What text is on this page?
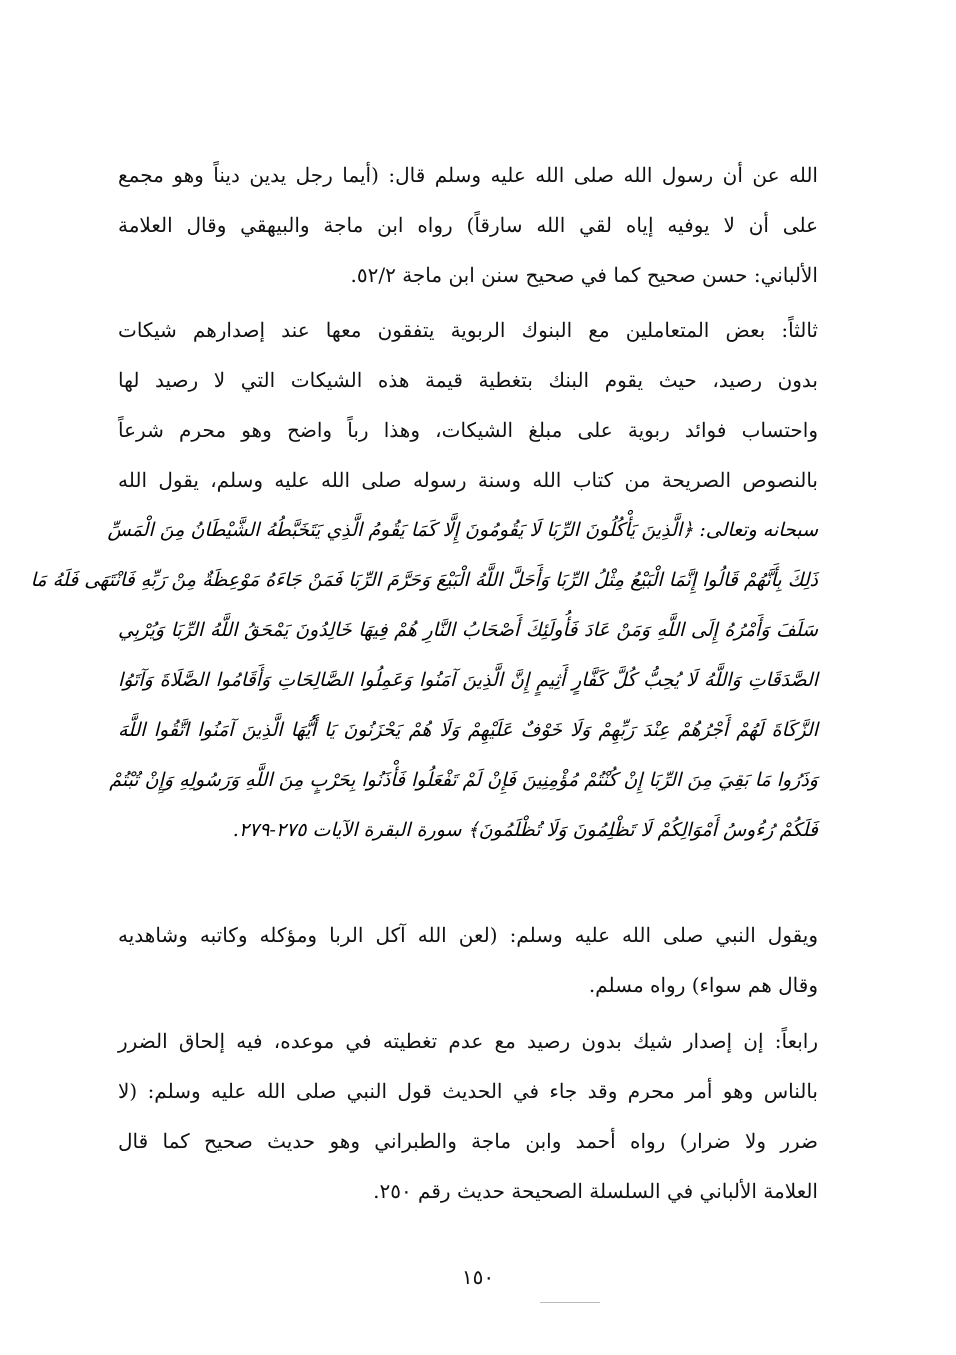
الله عن أن رسول الله صلى الله عليه وسلم قال: (أيما رجل يدين ديناً وهو مجمع
على أن لا يوفيه إياه لقي الله سارقاً) رواه ابن ماجة والبيهقي وقال العلامة
الألباني: حسن صحيح كما في صحيح سنن ابن ماجة ٥٢/٢.
ثالثاً: بعض المتعاملين مع البنوك الربوية يتفقون معها عند إصدارهم شيكات
بدون رصيد، حيث يقوم البنك بتغطية قيمة هذه الشيكات التي لا رصيد لها
واحتساب فوائد ربوية على مبلغ الشيكات، وهذا رباً واضح وهو محرم شرعاً
بالنصوص الصريحة من كتاب الله وسنة رسوله صلى الله عليه وسلم، يقول الله
سبحانه وتعالى: ﴿الَّذِينَ يَأْكُلُونَ الرِّبَا لَا يَقُومُونَ إِلَّا كَمَا يَقُومُ الَّذِي يَتَخَبَّطُهُ الشَّيْطَانُ مِنَ الْمَسِّ
ذَلِكَ بِأَنَّهُمْ قَالُوا إِنَّمَا الْبَيْعُ مِثْلُ الرِّبَا وَأَحَلَّ اللَّهُ الْبَيْعَ وَحَرَّمَ الرِّبَا فَمَنْ جَاءَهُ مَوْعِظَةٌ مِنْ رَبِّهِ فَانْتَهَى فَلَهُ مَا
سَلَفَ وَأَمْرُهُ إِلَى اللَّهِ وَمَنْ عَادَ فَأُولَئِكَ أَصْحَابُ النَّارِ هُمْ فِيهَا خَالِدُونَ يَمْحَقُ اللَّهُ الرِّبَا وَيُرْبِي
الصَّدَقَاتِ وَاللَّهُ لَا يُحِبُّ كُلَّ كَفَّارٍ أَثِيمٍ إِنَّ الَّذِينَ آمَنُوا وَعَمِلُوا الصَّالِحَاتِ وَأَقَامُوا الصَّلَاةَ وَآتَوُا
الزَّكَاةَ لَهُمْ أَجْرُهُمْ عِنْدَ رَبِّهِمْ وَلَا خَوْفٌ عَلَيْهِمْ وَلَا هُمْ يَحْزَنُونَ يَا أَيُّهَا الَّذِينَ آمَنُوا اتَّقُوا اللَّهَ
وَذَرُوا مَا بَقِيَ مِنَ الرِّبَا إِنْ كُنْتُمْ مُؤْمِنِينَ فَإِنْ لَمْ تَفْعَلُوا فَأْذَنُوا بِحَرْبٍ مِنَ اللَّهِ وَرَسُولِهِ وَإِنْ تُبْتُمْ
فَلَكُمْ رُءُوسُ أَمْوَالِكُمْ لَا تَظْلِمُونَ وَلَا تُظْلَمُونَ﴾ سورة البقرة الآيات ٢٧٥-٢٧٩.
ويقول النبي صلى الله عليه وسلم: (لعن الله آكل الربا ومؤكله وكاتبه وشاهديه
وقال هم سواء) رواه مسلم.
رابعاً: إن إصدار شيك بدون رصيد مع عدم تغطيته في موعده، فيه إلحاق الضرر
بالناس وهو أمر محرم وقد جاء في الحديث قول النبي صلى الله عليه وسلم: (لا
ضرر ولا ضرار) رواه أحمد وابن ماجة والطبراني وهو حديث صحيح كما قال
العلامة الألباني في السلسلة الصحيحة حديث رقم ٢٥٠.
١٥٠
